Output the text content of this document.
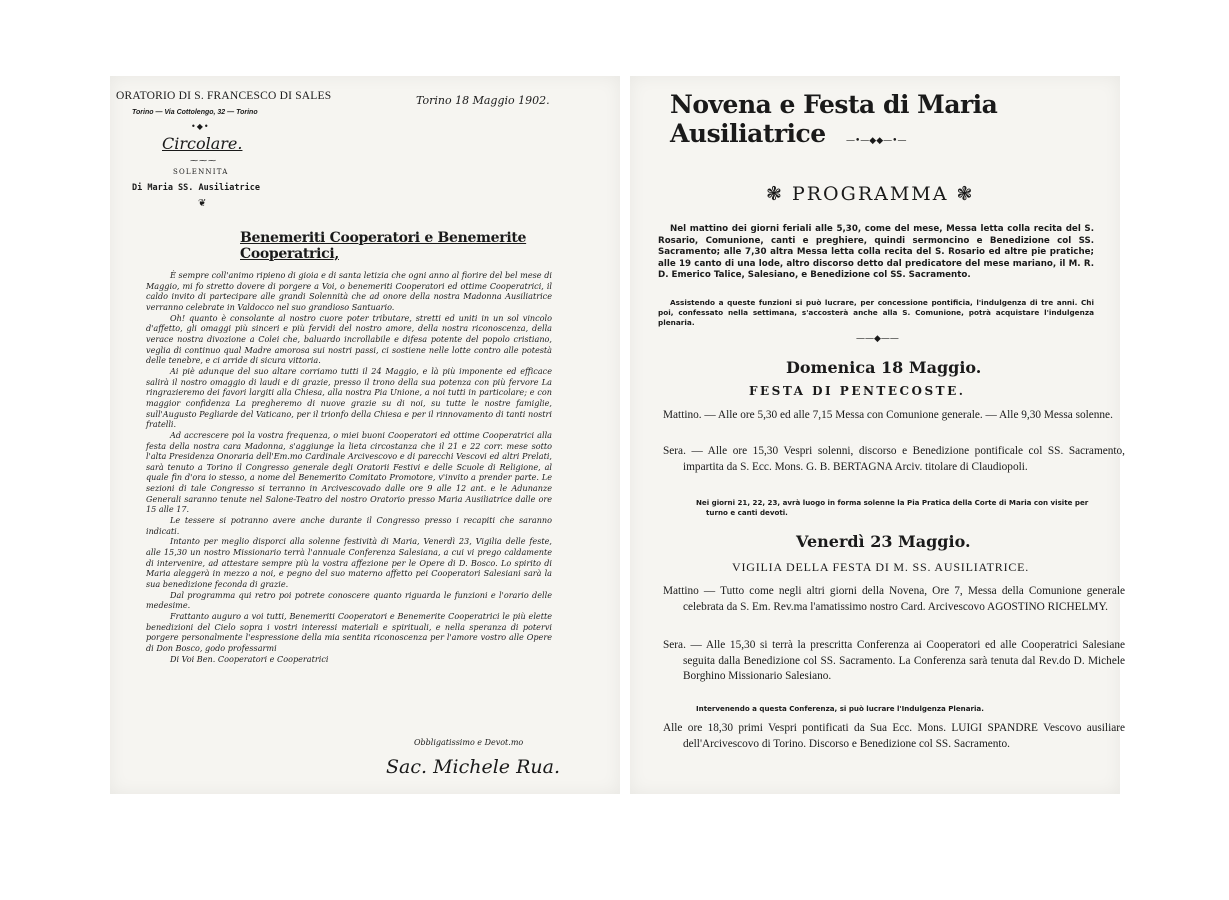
ORATORIO DI S. FRANCESCO DI SALES
Torino — Via Cottolengo, 32 — Torino
Torino 18 Maggio 1902.
•◆•
Circolare.
⁓⁓⁓
SOLENNITA
Di Maria SS. Ausiliatrice
❦
Benemeriti Cooperatori e Benemerite Cooperatrici,

È sempre coll'animo ripieno di gioia e di santa letizia che ogni anno al fiorire del bel mese di Maggio, mi fo stretto dovere di porgere a Voi, o benemeriti Cooperatori ed ottime Cooperatrici, il caldo invito di partecipare alle grandi Solennità che ad onore della nostra Madonna Ausiliatrice verranno celebrate in Valdocco nel suo grandioso Santuario.

Oh! quanto è consolante al nostro cuore poter tributare, stretti ed uniti in un sol vincolo d'affetto, gli omaggi più sinceri e più fervidi del nostro amore, della nostra riconoscenza, della verace nostra divozione a Colei che, baluardo incrollabile e difesa potente del popolo cristiano, veglia di continuo qual Madre amorosa sui nostri passi, ci sostiene nelle lotte contro alle potestà delle tenebre, e ci arride di sicura vittoria.

Ai piè adunque del suo altare corriamo tutti il 24 Maggio, e là più imponente ed efficace salirà il nostro omaggio di laudi e di grazie, presso il trono della sua potenza con più fervore La ringrazieremo dei favori largiti alla Chiesa, alla nostra Pia Unione, a noi tutti in particolare; e con maggior confidenza La pregheremo di nuove grazie su di noi, su tutte le nostre famiglie, sull'Augusto Pegliarde del Vaticano, per il trionfo della Chiesa e per il rinnovamento di tanti nostri fratelli.

Ad accrescere poi la vostra frequenza, o miei buoni Cooperatori ed ottime Cooperatrici alla festa della nostra cara Madonna, s'aggiunge la lieta circostanza che il 21 e 22 corr. mese sotto l'alta Presidenza Onoraria dell'Em.mo Cardinale Arcivescovo e di parecchi Vescovi ed altri Prelati, sarà tenuto a Torino il Congresso generale degli Oratorii Festivi e delle Scuole di Religione, al quale fin d'ora io stesso, a nome del Benemerito Comitato Promotore, v'invito a prender parte. Le sezioni di tale Congresso si terranno in Arcivescovado dalle ore 9 alle 12 ant. e le Adunanze Generali saranno tenute nel Salone-Teatro del nostro Oratorio presso Maria Ausiliatrice dalle ore 15 alle 17.

Le tessere si potranno avere anche durante il Congresso presso i recapiti che saranno indicati.

Intanto per meglio disporci alla solenne festività di Maria, Venerdì 23, Vigilia delle feste, alle 15,30 un nostro Missionario terrà l'annuale Conferenza Salesiana, a cui vi prego caldamente di intervenire, ad attestare sempre più la vostra affezione per le Opere di D. Bosco. Lo spirito di Maria aleggerà in mezzo a noi, e pegno del suo materno affetto pei Cooperatori Salesiani sarà la sua benedizione feconda di grazie.

Dal programma qui retro poi potrete conoscere quanto riguarda le funzioni e l'orario delle medesime.

Frattanto auguro a voi tutti, Benemeriti Cooperatori e Benemerite Cooperatrici le più elette benedizioni del Cielo sopra i vostri interessi materiali e spirituali, e nella speranza di potervi porgere personalmente l'espressione della mia sentita riconoscenza per l'amore vostro alle Opere di Don Bosco, godo professarmi

Di Voi Ben. Cooperatori e Cooperatrici

Obbligatissimo e Devot.mo
Sac. Michele Rua.
Novena e Festa di Maria Ausiliatrice	—•—◆◆—•—
❃ PROGRAMMA ❃

Nel mattino dei giorni feriali alle 5,30, come del mese, Messa letta colla recita del S. Rosario, Comunione, canti e preghiere, quindi sermoncino e Benedizione col SS. Sacramento; alle 7,30 altra Messa letta colla recita del S. Rosario ed altre pie pratiche; alle 19 canto di una lode, altro discorso detto dal predicatore del mese mariano, il M. R. D. Emerico Talice, Salesiano, e Benedizione col SS. Sacramento.

Assistendo a queste funzioni si può lucrare, per concessione pontificia, l'indulgenza di tre anni. Chi poi, confessato nella settimana, s'accosterà anche alla S. Comunione, potrà acquistare l'indulgenza plenaria.

——◆——
Domenica 18 Maggio.
FESTA DI PENTECOSTE.

Mattino. — Alle ore 5,30 ed alle 7,15 Messa con Comunione generale. — Alle 9,30 Messa solenne.

Sera. — Alle ore 15,30 Vespri solenni, discorso e Benedizione pontificale col SS. Sacramento, impartita da S. Ecc. Mons. G. B. BERTAGNA Arciv. titolare di Claudiopoli.

Nei giorni 21, 22, 23, avrà luogo in forma solenne la Pia Pratica della Corte di Maria con visite per turno e canti devoti.

Venerdì 23 Maggio.
VIGILIA DELLA FESTA DI M. SS. AUSILIATRICE.

Mattino — Tutto come negli altri giorni della Novena, Ore 7, Messa della Comunione generale celebrata da S. Em. Rev.ma l'amatissimo nostro Card. Arcivescovo AGOSTINO RICHELMY.

Sera. — Alle 15,30 si terrà la prescritta Conferenza ai Cooperatori ed alle Cooperatrici Salesiane seguita dalla Benedizione col SS. Sacramento. La Conferenza sarà tenuta dal Rev.do D. Michele Borghino Missionario Salesiano.

Intervenendo a questa Conferenza, si può lucrare l'Indulgenza Plenaria.

Alle ore 18,30 primi Vespri pontificati da Sua Ecc. Mons. LUIGI SPANDRE Vescovo ausiliare dell'Arcivescovo di Torino. Discorso e Benedizione col SS. Sacramento.
